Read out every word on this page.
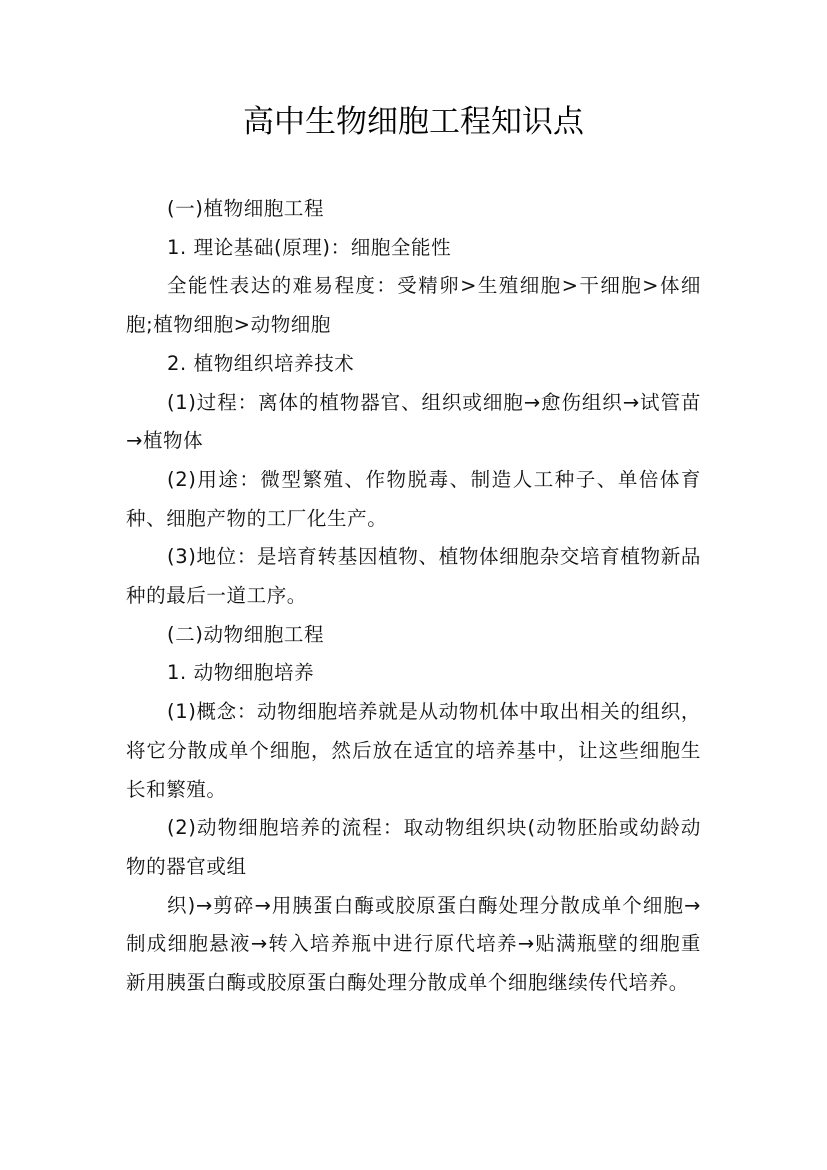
高中生物细胞工程知识点

(一)植物细胞工程

1. 理论基础(原理)：细胞全能性

全能性表达的难易程度：受精卵>生殖细胞>干细胞>体细胞;植物细胞>动物细胞

2. 植物组织培养技术

(1)过程：离体的植物器官、组织或细胞→愈伤组织→试管苗→植物体

(2)用途：微型繁殖、作物脱毒、制造人工种子、单倍体育种、细胞产物的工厂化生产。

(3)地位：是培育转基因植物、植物体细胞杂交培育植物新品种的最后一道工序。

(二)动物细胞工程

1. 动物细胞培养

(1)概念：动物细胞培养就是从动物机体中取出相关的组织，将它分散成单个细胞，然后放在适宜的培养基中，让这些细胞生长和繁殖。

(2)动物细胞培养的流程：取动物组织块(动物胚胎或幼龄动物的器官或组

织)→剪碎→用胰蛋白酶或胶原蛋白酶处理分散成单个细胞→制成细胞悬液→转入培养瓶中进行原代培养→贴满瓶壁的细胞重新用胰蛋白酶或胶原蛋白酶处理分散成单个细胞继续传代培养。
